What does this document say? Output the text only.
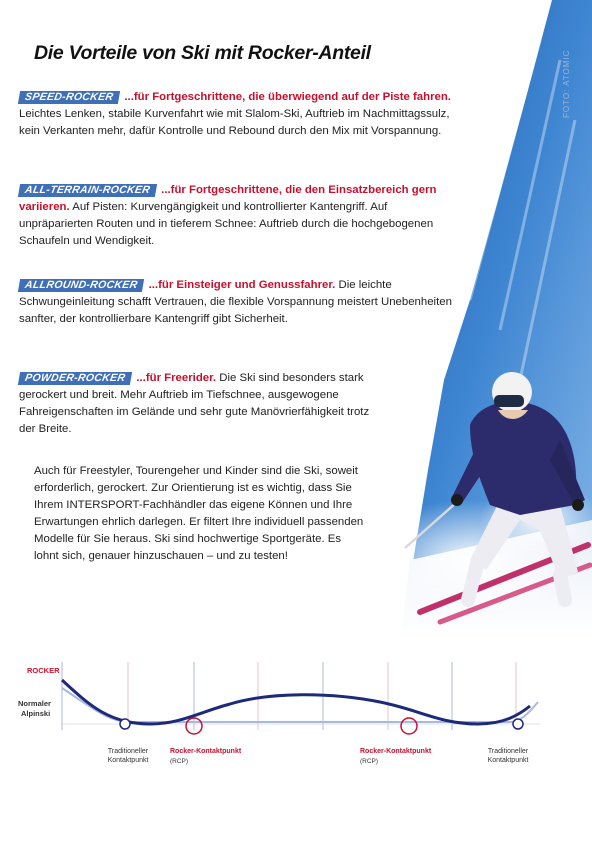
Die Vorteile von Ski mit Rocker-Anteil	FOTO: ATOMIC

SPEED-ROCKER ...für Fortgeschrittene, die überwiegend auf der Piste fahren. Leichtes Lenken, stabile Kurvenfahrt wie mit Slalom-Ski, Auftrieb im Nachmittagssulz, kein Verkanten mehr, dafür Kontrolle und Rebound durch den Mix mit Vorspannung.

ALL-TERRAIN-ROCKER ...für Fortgeschrittene, die den Einsatzbereich gern variieren. Auf Pisten: Kurvengängigkeit und kontrollierter Kantengriff. Auf unpräparierten Routen und in tieferem Schnee: Auftrieb durch die hochgebogenen Schaufeln und Wendigkeit.

ALLROUND-ROCKER ...für Einsteiger und Genussfahrer. Die leichte Schwungeinleitung schafft Vertrauen, die flexible Vorspannung meistert Unebenheiten sanfter, der kontrollierbare Kantengriff gibt Sicherheit.

POWDER-ROCKER ...für Freerider. Die Ski sind besonders stark gerockert und breit. Mehr Auftrieb im Tiefschnee, ausgewogene Fahreigenschaften im Gelände und sehr gute Manövrierfähigkeit trotz der Breite.

Auch für Freestyler, Tourengeher und Kinder sind die Ski, soweit erforderlich, gerockert. Zur Orientierung ist es wichtig, dass Sie Ihrem INTERSPORT-Fachhändler das eigene Können und Ihre Erwartungen ehrlich darlegen. Er filtert Ihre individuell passenden Modelle für Sie heraus. Ski sind hochwertige Sportgeräte. Es lohnt sich, genauer hinzuschauen – und zu testen!

ROCKER
Normaler
Alpinski
Traditioneller
Kontaktpunkt
Rocker-Kontaktpunkt
(RCP)
Rocker-Kontaktpunkt
(RCP)
Traditioneller
Kontaktpunkt
